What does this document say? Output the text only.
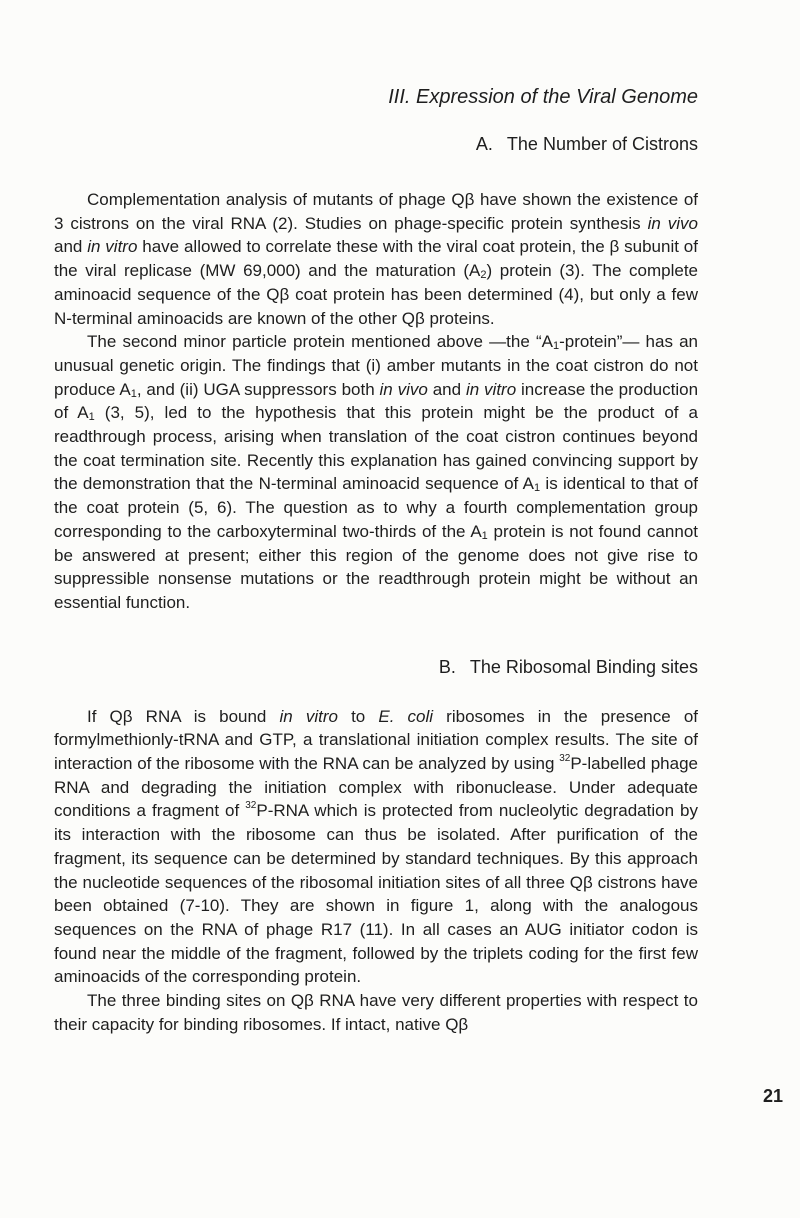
III. Expression of the Viral Genome

A. The Number of Cistrons

Complementation analysis of mutants of phage Qβ have shown the existence of 3 cistrons on the viral RNA (2). Studies on phage-specific protein synthesis in vivo and in vitro have allowed to correlate these with the viral coat protein, the β subunit of the viral replicase (MW 69,000) and the maturation $(A_2)$ protein (3). The complete aminoacid sequence of the Qβ coat protein has been determined (4), but only a few N-terminal aminoacids are known of the other Qβ proteins.

The second minor particle protein mentioned above —the “$A_1-protein”—$ has an unusual genetic origin. The findings that (i) amber mutants in the coat cistron do not produce $A_1$, and (ii) UGA suppressors both in vivo and in vitro increase the production of $A_1$ (3, 5), led to the hypothesis that this protein might be the product of a readthrough process, arising when translation of the coat cistron continues beyond the coat termination site. Recently this explanation has gained convincing support by the demonstration that the N-terminal aminoacid sequence of $A_1$ is identical to that of the coat protein (5, 6). The question as to why a fourth complementation group corresponding to the carboxyterminal two-thirds of the $A_1$ protein is not found cannot be answered at present; either this region of the genome does not give rise to suppressible nonsense mutations or the readthrough protein might be without an essential function.

B. The Ribosomal Binding sites

If Qβ RNA is bound in vitro to E. coli ribosomes in the presence of formylmethionly-tRNA and GTP, a translational initiation complex results. The site of interaction of the ribosome with the RNA can be analyzed by using $^{32}$P-labelled phage RNA and degrading the initiation complex with ribonuclease. Under adequate conditions a fragment of $^{32}$P-RNA which is protected from nucleolytic degradation by its interaction with the ribosome can thus be isolated. After purification of the fragment, its sequence can be determined by standard techniques. By this approach the nucleotide sequences of the ribosomal initiation sites of all three Qβ cistrons have been obtained (7-10). They are shown in figure 1, along with the analogous sequences on the RNA of phage R17 (11). In all cases an AUG initiator codon is found near the middle of the fragment, followed by the triplets coding for the first few aminoacids of the corresponding protein.

The three binding sites on Qβ RNA have very different properties with respect to their capacity for binding ribosomes. If intact, native Qβ

21
